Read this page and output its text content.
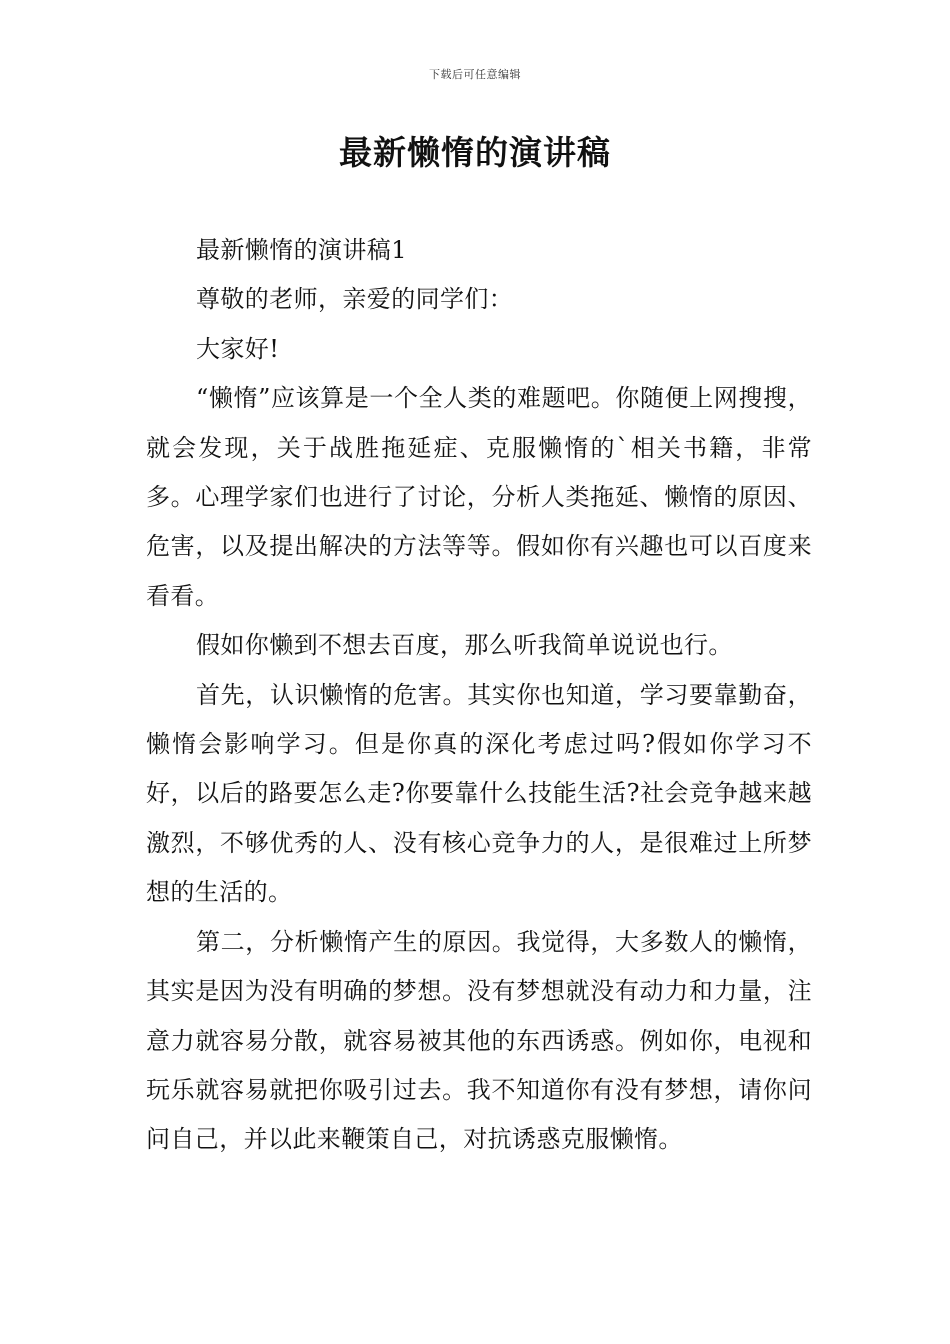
下载后可任意编辑
最新懒惰的演讲稿

最新懒惰的演讲稿1

尊敬的老师，亲爱的同学们：

大家好!

“懒惰”应该算是一个全人类的难题吧。你随便上网搜搜，就会发现，关于战胜拖延症、克服懒惰的`相关书籍，非常多。心理学家们也进行了讨论，分析人类拖延、懒惰的原因、危害，以及提出解决的方法等等。假如你有兴趣也可以百度来看看。

假如你懒到不想去百度，那么听我简单说说也行。

首先，认识懒惰的危害。其实你也知道，学习要靠勤奋，懒惰会影响学习。但是你真的深化考虑过吗?假如你学习不好，以后的路要怎么走?你要靠什么技能生活?社会竞争越来越激烈，不够优秀的人、没有核心竞争力的人，是很难过上所梦想的生活的。

第二，分析懒惰产生的原因。我觉得，大多数人的懒惰，其实是因为没有明确的梦想。没有梦想就没有动力和力量，注意力就容易分散，就容易被其他的东西诱惑。例如你，电视和玩乐就容易就把你吸引过去。我不知道你有没有梦想，请你问问自己，并以此来鞭策自己，对抗诱惑克服懒惰。
